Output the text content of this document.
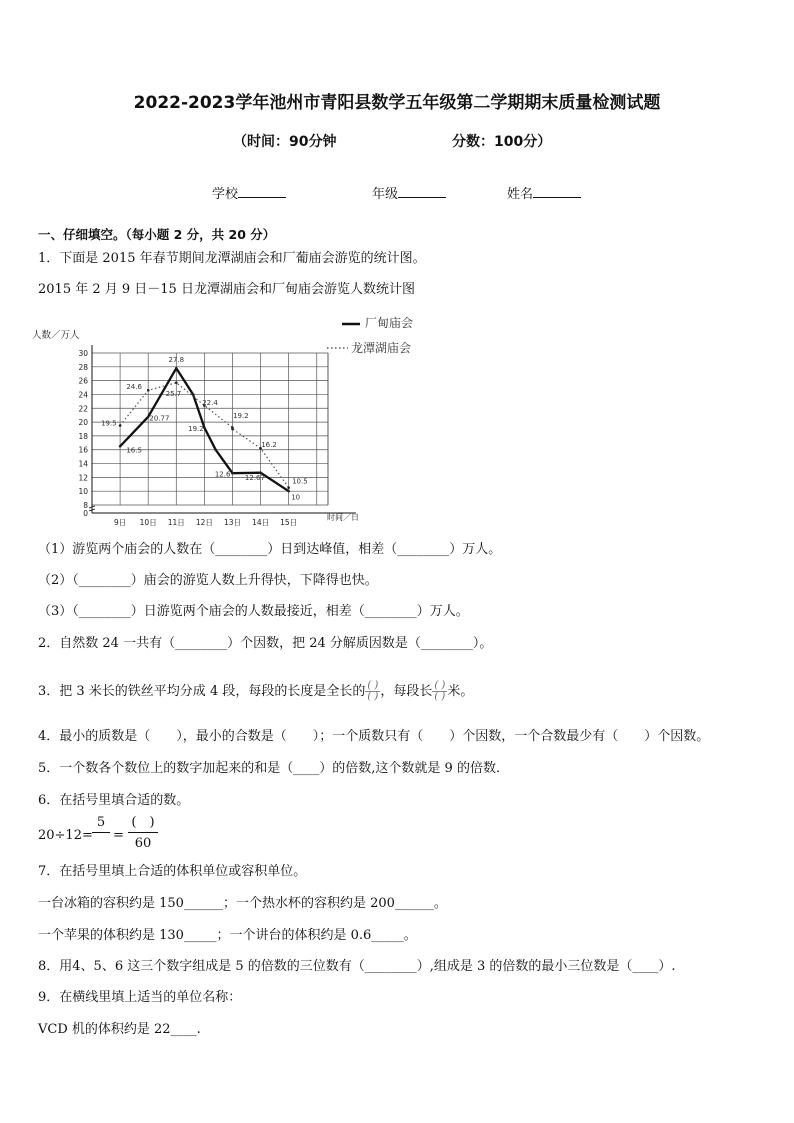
2022-2023学年池州市青阳县数学五年级第二学期期末质量检测试题
（时间：90分钟	分数：100分）
学校	年级	姓名
一、仔细填空。（每小题 2 分，共 20 分）
1．下面是 2015 年春节期间龙潭湖庙会和厂葡庙会游览的统计图。
2015 年 2 月 9 日－15 日龙潭湖庙会和厂甸庙会游览人数统计图
0
8
10
12
14
16
18
20
22
24
26
28
30
9日 10日 11日 12日 13日 14日 15日
19.5
16.5
24.6
20.77
27.8
25.7
22.4
19.2
19.2
16.2
12.6 12.67	10.5
10
人数／万人
时间／日
厂甸庙会
龙潭湖庙会
（1）游览两个庙会的人数在（________）日到达峰值，相差（________）万人。
（2）（________）庙会的游览人数上升得快，下降得也快。
（3）（________）日游览两个庙会的人数最接近，相差（________）万人。
2．自然数 24 一共有（________）个因数，把 24 分解质因数是（________）。
3．把 3 米长的铁丝平均分成 4 段，每段的长度是全长的 $\frac{( )}{( )}$ ，每段长 $\frac{( )}{( )}$ 米。
4．最小的质数是（　　），最小的合数是（　　）；一个质数只有（　　）个因数，一个合数最少有（　　）个因数。
5．一个数各个数位上的数字加起来的和是（____）的倍数,这个数就是 9 的倍数．
6．在括号里填合适的数。
20÷12=
5
=
(　)
60
7．在括号里填上合适的体积单位或容积单位。
一台冰箱的容积约是 150______；一个热水杯的容积约是 200______。
一个苹果的体积约是 130_____；一个讲台的体积约是 0.6_____。
8．用4、5、6 这三个数字组成是 5 的倍数的三位数有（________）,组成是 3 的倍数的最小三位数是（____）.
9．在横线里填上适当的单位名称：
VCD 机的体积约是 22____.
